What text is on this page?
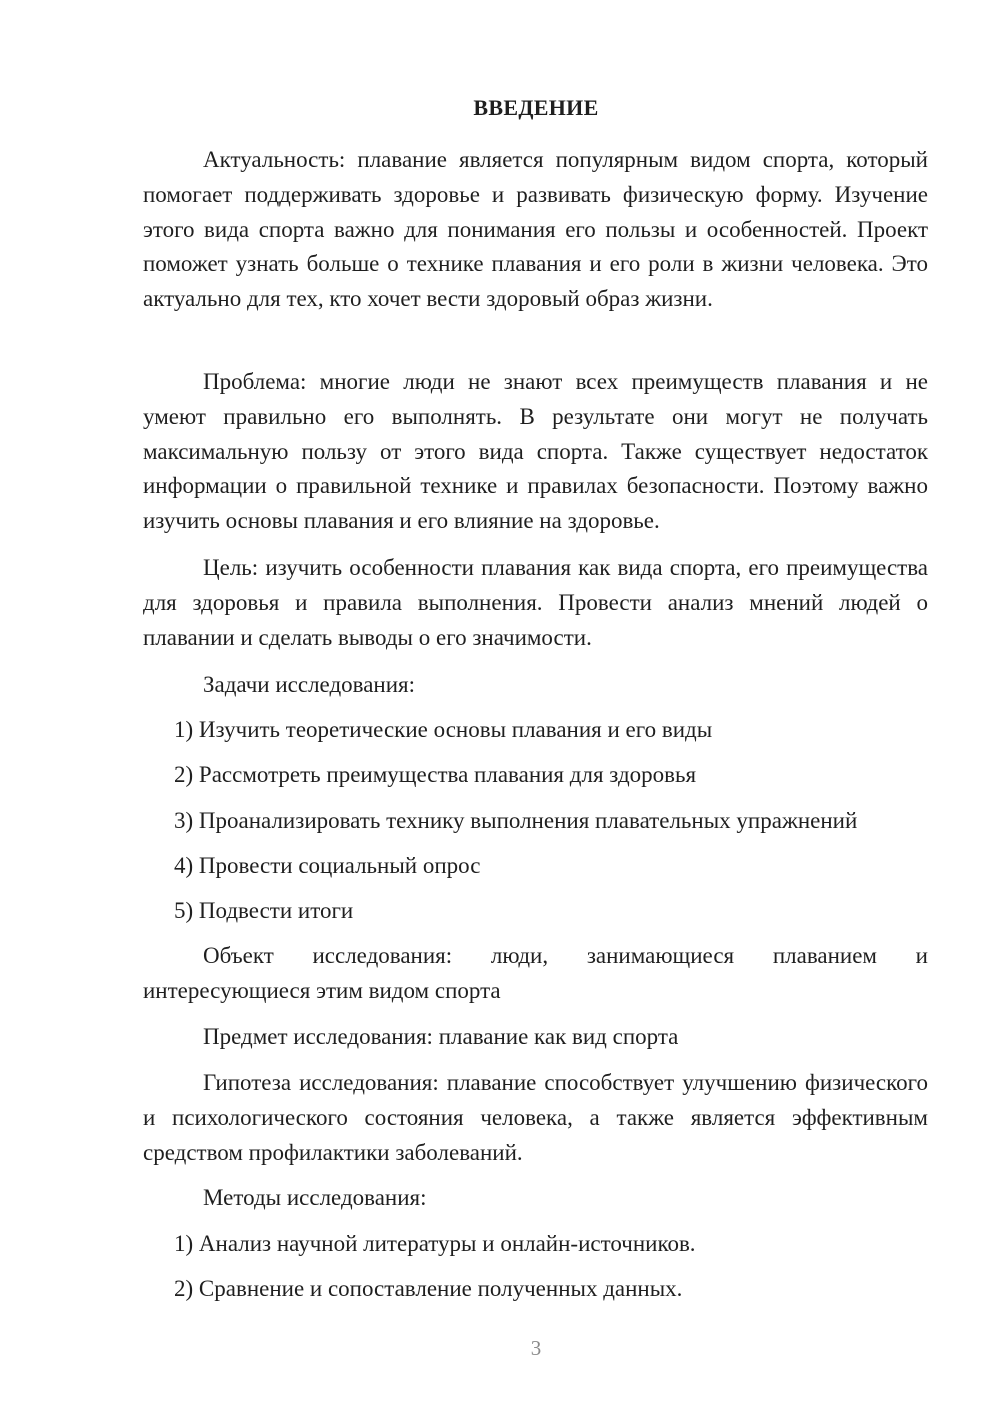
ВВЕДЕНИЕ

Актуальность: плавание является популярным видом спорта, который помогает поддерживать здоровье и развивать физическую форму. Изучение этого вида спорта важно для понимания его пользы и особенностей. Проект поможет узнать больше о технике плавания и его роли в жизни человека. Это актуально для тех, кто хочет вести здоровый образ жизни.

Проблема: многие люди не знают всех преимуществ плавания и не умеют правильно его выполнять. В результате они могут не получать максимальную пользу от этого вида спорта. Также существует недостаток информации о правильной технике и правилах безопасности. Поэтому важно изучить основы плавания и его влияние на здоровье.

Цель: изучить особенности плавания как вида спорта, его преимущества для здоровья и правила выполнения. Провести анализ мнений людей о плавании и сделать выводы о его значимости.

Задачи исследования:

1) Изучить теоретические основы плавания и его виды

2) Рассмотреть преимущества плавания для здоровья

3) Проанализировать технику выполнения плавательных упражнений

4) Провести социальный опрос

5) Подвести итоги

Объект исследования: люди, занимающиеся плаванием и интересующиеся этим видом спорта

Предмет исследования: плавание как вид спорта

Гипотеза исследования: плавание способствует улучшению физического и психологического состояния человека, а также является эффективным средством профилактики заболеваний.

Методы исследования:

1) Анализ научной литературы и онлайн-источников.

2) Сравнение и сопоставление полученных данных.

3
